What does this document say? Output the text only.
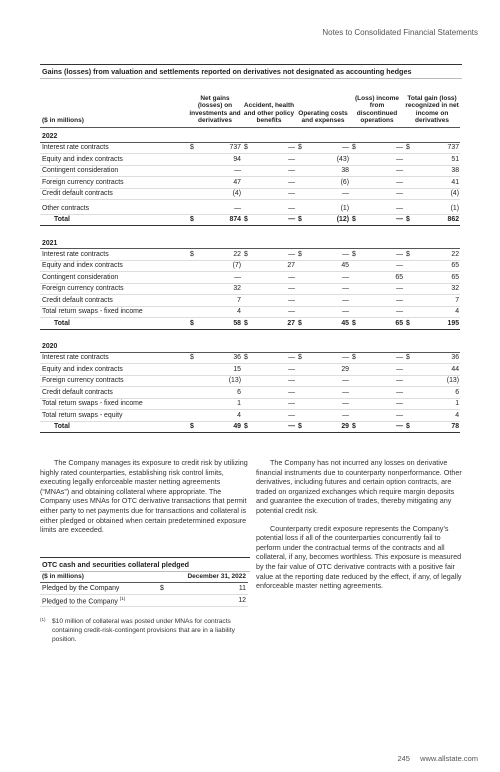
Notes to Consolidated Financial Statements
Gains (losses) from valuation and settlements reported on derivatives not designated as accounting hedges
($ in millions)	Net gains (losses) on investments and derivatives		Accident, health and other policy benefits		Operating costs and expenses		(Loss) income from discontinued operations		Total gain (loss) recognized in net income on derivatives	
2022										
Interest rate contracts	$	737	$	—	$	—	$	—	$	737
Equity and index contracts		94		—		(43)		—		51
Contingent consideration		—		—		38		—		38
Foreign currency contracts		47		—		(6)		—		41
Credit default contracts		(4)		—		—		—		(4)

Other contracts		—		—		(1)		—		(1)
Total	$	874	$	—	$	(12)	$	—	$	862

2021										
Interest rate contracts	$	22	$	—	$	—	$	—	$	22
Equity and index contracts		(7)		27		45		—		65
Contingent consideration		—		—		—		65		65
Foreign currency contracts		32		—		—		—		32
Credit default contracts		7		—		—		—		7
Total return swaps - fixed income		4		—		—		—		4
Total	$	58	$	27	$	45	$	65	$	195

2020										
Interest rate contracts	$	36	$	—	$	—	$	—	$	36
Equity and index contracts		15		—		29		—		44
Foreign currency contracts		(13)		—		—		—		(13)
Credit default contracts		6		—		—		—		6
Total return swaps - fixed income		1		—		—		—		1
Total return swaps - equity		4		—		—		—		4
Total	$	49	$	—	$	29	$	—	$	78

The Company manages its exposure to credit risk by utilizing highly rated counterparties, establishing risk control limits, executing legally enforceable master netting agreements (“MNAs”) and obtaining collateral where appropriate. The Company uses MNAs for OTC derivative transactions that permit either party to net payments due for transactions and collateral is either pledged or obtained when certain predetermined exposure limits are exceeded.

OTC cash and securities collateral pledged
($ in millions)	December 31, 2022	
Pledged by the Company	$	11
Pledged to the Company $^{(1)}$		12
(1) $10 million of collateral was posted under MNAs for contracts containing credit-risk-contingent provisions that are in a liability position.

The Company has not incurred any losses on derivative financial instruments due to counterparty nonperformance. Other derivatives, including futures and certain option contracts, are traded on organized exchanges which require margin deposits and guarantee the execution of trades, thereby mitigating any potential credit risk.

Counterparty credit exposure represents the Company’s potential loss if all of the counterparties concurrently fail to perform under the contractual terms of the contracts and all collateral, if any, becomes worthless. This exposure is measured by the fair value of OTC derivative contracts with a positive fair value at the reporting date reduced by the effect, if any, of legally enforceable master netting agreements.

245 www.allstate.com
